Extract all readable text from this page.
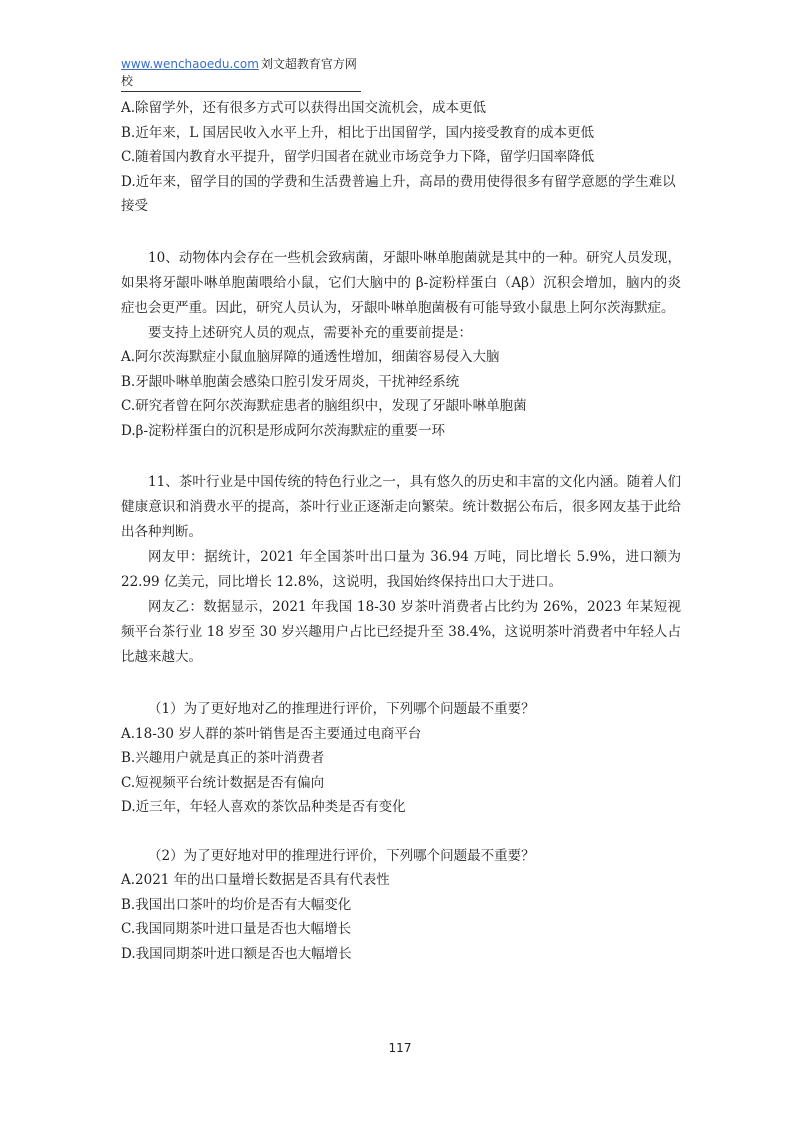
www.wenchaoedu.com 刘文超教育官方网校
A.除留学外，还有很多方式可以获得出国交流机会，成本更低
B.近年来，L 国居民收入水平上升，相比于出国留学，国内接受教育的成本更低
C.随着国内教育水平提升，留学归国者在就业市场竞争力下降，留学归国率降低
D.近年来，留学目的国的学费和生活费普遍上升，高昂的费用使得很多有留学意愿的学生难以接受
10、动物体内会存在一些机会致病菌，牙龈卟啉单胞菌就是其中的一种。研究人员发现，如果将牙龈卟啉单胞菌喂给小鼠，它们大脑中的 β-淀粉样蛋白（Aβ）沉积会增加，脑内的炎症也会更严重。因此，研究人员认为，牙龈卟啉单胞菌极有可能导致小鼠患上阿尔茨海默症。
要支持上述研究人员的观点，需要补充的重要前提是：
A.阿尔茨海默症小鼠血脑屏障的通透性增加，细菌容易侵入大脑
B.牙龈卟啉单胞菌会感染口腔引发牙周炎，干扰神经系统
C.研究者曾在阿尔茨海默症患者的脑组织中，发现了牙龈卟啉单胞菌
D.β-淀粉样蛋白的沉积是形成阿尔茨海默症的重要一环
11、茶叶行业是中国传统的特色行业之一，具有悠久的历史和丰富的文化内涵。随着人们健康意识和消费水平的提高，茶叶行业正逐渐走向繁荣。统计数据公布后，很多网友基于此给出各种判断。
网友甲：据统计，2021 年全国茶叶出口量为 36.94 万吨，同比增长 5.9%，进口额为 22.99 亿美元，同比增长 12.8%，这说明，我国始终保持出口大于进口。
网友乙：数据显示，2021 年我国 18-30 岁茶叶消费者占比约为 26%，2023 年某短视频平台茶行业 18 岁至 30 岁兴趣用户占比已经提升至 38.4%，这说明茶叶消费者中年轻人占比越来越大。
（1）为了更好地对乙的推理进行评价，下列哪个问题最不重要？
A.18-30 岁人群的茶叶销售是否主要通过电商平台
B.兴趣用户就是真正的茶叶消费者
C.短视频平台统计数据是否有偏向
D.近三年，年轻人喜欢的茶饮品种类是否有变化
（2）为了更好地对甲的推理进行评价，下列哪个问题最不重要？
A.2021 年的出口量增长数据是否具有代表性
B.我国出口茶叶的均价是否有大幅变化
C.我国同期茶叶进口量是否也大幅增长
D.我国同期茶叶进口额是否也大幅增长
117
